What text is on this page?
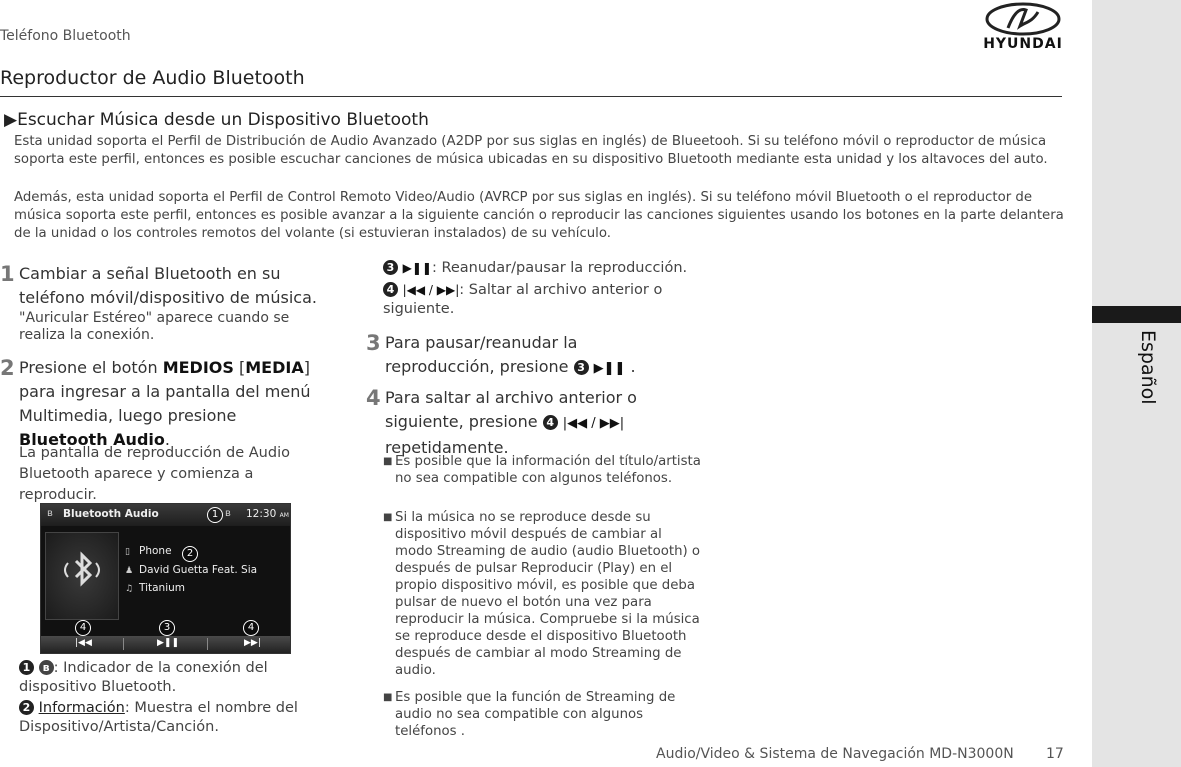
Teléfono Bluetooth	HYUNDAI
Reproductor de Audio Bluetooth
Español
▶Escuchar Música desde un Dispositivo Bluetooth
Esta unidad soporta el Perfil de Distribución de Audio Avanzado (A2DP por sus siglas en inglés) de Blueetooh. Si su teléfono móvil o reproductor de música soporta este perfil, entonces es posible escuchar canciones de música ubicadas en su dispositivo Bluetooth mediante esta unidad y los altavoces del auto.
Además, esta unidad soporta el Perfil de Control Remoto Video/Audio (AVRCP por sus siglas en inglés). Si su teléfono móvil Bluetooth o el reproductor de música soporta este perfil, entonces es posible avanzar a la siguiente canción o reproducir las canciones siguientes usando los botones en la parte delantera de la unidad o los controles remotos del volante (si estuvieran instalados) de su vehículo.
1 Cambiar a señal Bluetooth en su teléfono móvil/dispositivo de música.
"Auricular Estéreo" aparece cuando se realiza la conexión.
2 Presione el botón MEDIOS [MEDIA] para ingresar a la pantalla del menú Multimedia, luego presione Bluetooth Audio.
La pantalla de reproducción de Audio Bluetooth aparece y comienza a reproducir.
ʙ Bluetooth Audio	1 ʙ 12:30 AM
▯ Phone	2
♟ David Guetta Feat. Sia
♫ Titanium
4	3	4
|◀◀	▶❚❚	▶▶|
1 ʙ : Indicador de la conexión del dispositivo Bluetooth.
2 Información: Muestra el nombre del Dispositivo/Artista/Canción.
3 ▶❚❚: Reanudar/pausar la reproducción.
4 |◀◀ / ▶▶|: Saltar al archivo anterior o siguiente.
3 Para pausar/reanudar la reproducción, presione 3 ▶❚❚ .
4 Para saltar al archivo anterior o siguiente, presione 4 |◀◀ / ▶▶| repetidamente.
■ Es posible que la información del título/artista no sea compatible con algunos teléfonos.
■ Si la música no se reproduce desde su dispositivo móvil después de cambiar al modo Streaming de audio (audio Bluetooth) o después de pulsar Reproducir (Play) en el propio dispositivo móvil, es posible que deba pulsar de nuevo el botón una vez para reproducir la música. Compruebe si la música se reproduce desde el dispositivo Bluetooth después de cambiar al modo Streaming de audio.
■ Es posible que la función de Streaming de audio no sea compatible con algunos teléfonos .
Audio/Video & Sistema de Navegación MD-N3000N 17
